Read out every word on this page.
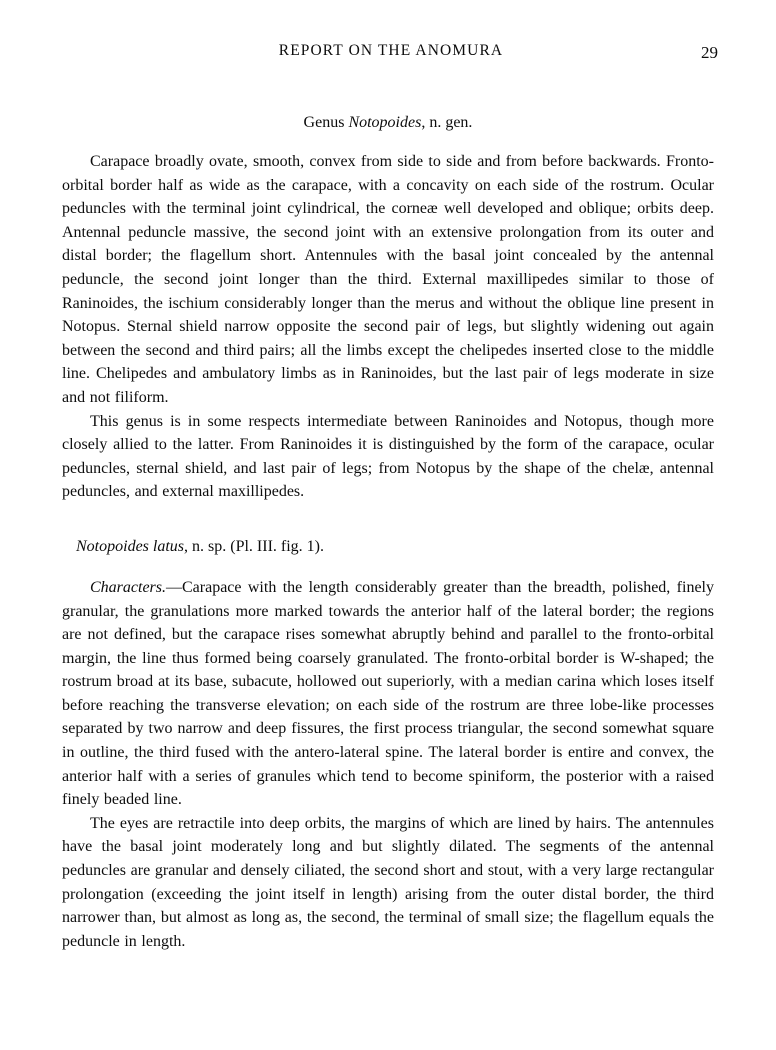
REPORT ON THE ANOMURA	29
Genus Notopoides, n. gen.

Carapace broadly ovate, smooth, convex from side to side and from before backwards. Fronto-orbital border half as wide as the carapace, with a concavity on each side of the rostrum. Ocular peduncles with the terminal joint cylindrical, the corneæ well developed and oblique; orbits deep. Antennal peduncle massive, the second joint with an extensive prolongation from its outer and distal border; the flagellum short. Antennules with the basal joint concealed by the antennal peduncle, the second joint longer than the third. External maxillipedes similar to those of Raninoides, the ischium considerably longer than the merus and without the oblique line present in Notopus. Sternal shield narrow opposite the second pair of legs, but slightly widening out again between the second and third pairs; all the limbs except the chelipedes inserted close to the middle line. Chelipedes and ambulatory limbs as in Raninoides, but the last pair of legs moderate in size and not filiform.

This genus is in some respects intermediate between Raninoides and Notopus, though more closely allied to the latter. From Raninoides it is distinguished by the form of the carapace, ocular peduncles, sternal shield, and last pair of legs; from Notopus by the shape of the chelæ, antennal peduncles, and external maxillipedes.

Notopoides latus, n. sp. (Pl. III. fig. 1).

Characters.—Carapace with the length considerably greater than the breadth, polished, finely granular, the granulations more marked towards the anterior half of the lateral border; the regions are not defined, but the carapace rises somewhat abruptly behind and parallel to the fronto-orbital margin, the line thus formed being coarsely granulated. The fronto-orbital border is W-shaped; the rostrum broad at its base, subacute, hollowed out superiorly, with a median carina which loses itself before reaching the transverse elevation; on each side of the rostrum are three lobe-like processes separated by two narrow and deep fissures, the first process triangular, the second somewhat square in outline, the third fused with the antero-lateral spine. The lateral border is entire and convex, the anterior half with a series of granules which tend to become spiniform, the posterior with a raised finely beaded line.

The eyes are retractile into deep orbits, the margins of which are lined by hairs. The antennules have the basal joint moderately long and but slightly dilated. The segments of the antennal peduncles are granular and densely ciliated, the second short and stout, with a very large rectangular prolongation (exceeding the joint itself in length) arising from the outer distal border, the third narrower than, but almost as long as, the second, the terminal of small size; the flagellum equals the peduncle in length.
